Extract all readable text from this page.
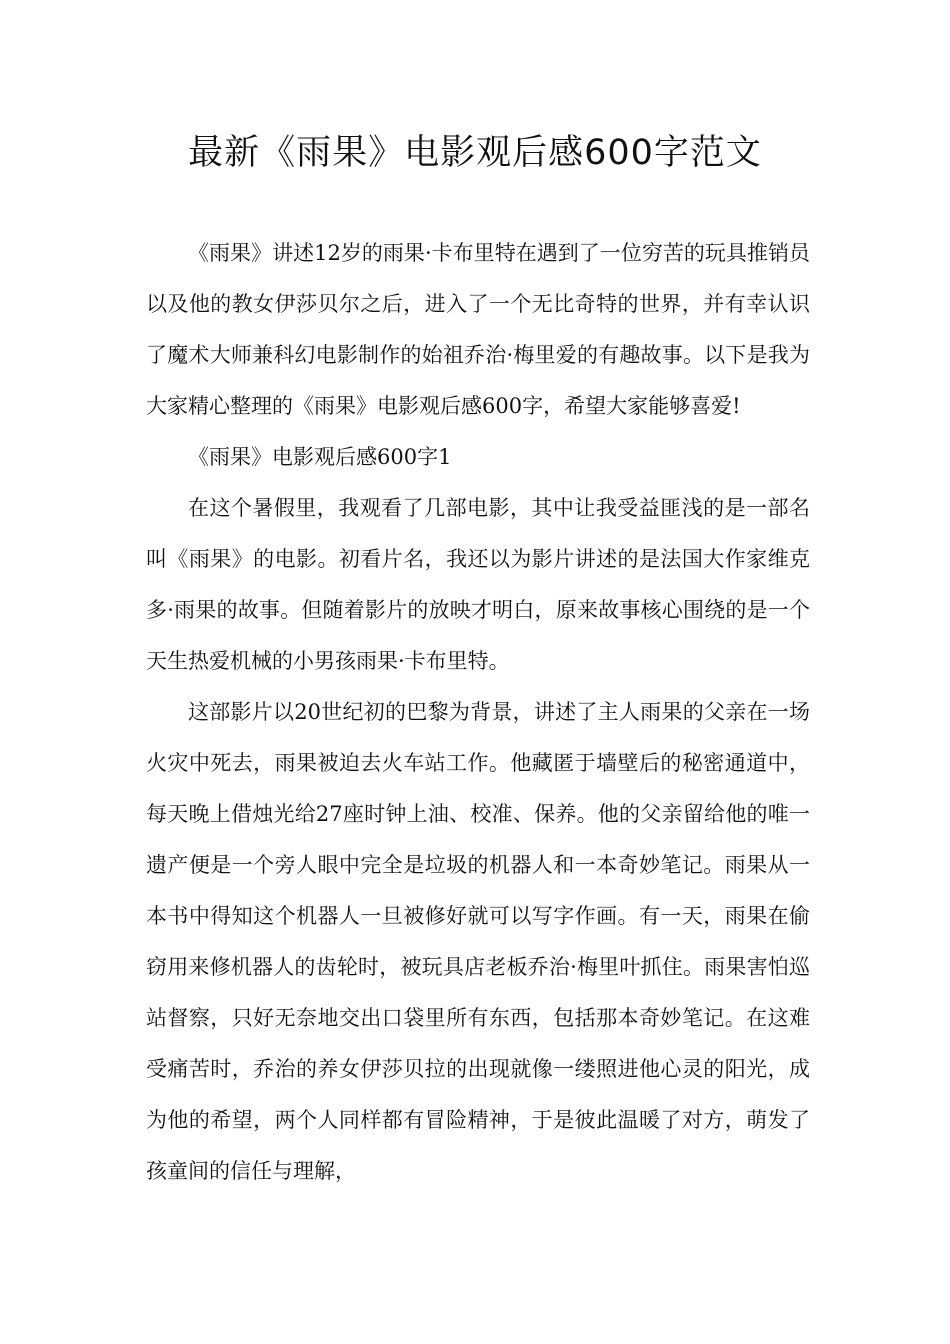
最新《雨果》电影观后感600字范文

《雨果》讲述12岁的雨果·卡布里特在遇到了一位穷苦的玩具推销员以及他的教女伊莎贝尔之后，进入了一个无比奇特的世界，并有幸认识了魔术大师兼科幻电影制作的始祖乔治·梅里爱的有趣故事。以下是我为大家精心整理的《雨果》电影观后感600字，希望大家能够喜爱!

《雨果》电影观后感600字1

在这个暑假里，我观看了几部电影，其中让我受益匪浅的是一部名叫《雨果》的电影。初看片名，我还以为影片讲述的是法国大作家维克多·雨果的故事。但随着影片的放映才明白，原来故事核心围绕的是一个天生热爱机械的小男孩雨果·卡布里特。

这部影片以20世纪初的巴黎为背景，讲述了主人雨果的父亲在一场火灾中死去，雨果被迫去火车站工作。他藏匿于墙壁后的秘密通道中，每天晚上借烛光给27座时钟上油、校准、保养。他的父亲留给他的唯一遗产便是一个旁人眼中完全是垃圾的机器人和一本奇妙笔记。雨果从一本书中得知这个机器人一旦被修好就可以写字作画。有一天，雨果在偷窃用来修机器人的齿轮时，被玩具店老板乔治·梅里叶抓住。雨果害怕巡站督察，只好无奈地交出口袋里所有东西，包括那本奇妙笔记。在这难受痛苦时，乔治的养女伊莎贝拉的出现就像一缕照进他心灵的阳光，成为他的希望，两个人同样都有冒险精神，于是彼此温暖了对方，萌发了孩童间的信任与理解，
